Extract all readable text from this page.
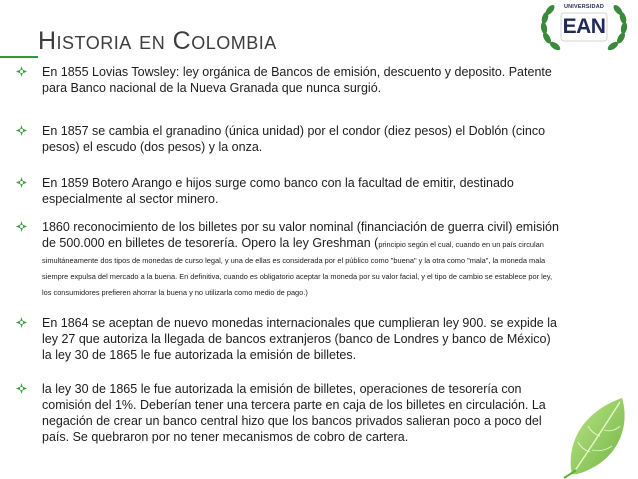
Historia en Colombia
UNIVERSIDAD
EAN
En 1855 Lovias Towsley: ley orgánica de Bancos de emisión, descuento y deposito. Patente para Banco nacional de la Nueva Granada que nunca surgió.
En 1857 se cambia el granadino (única unidad) por el condor (diez pesos) el Doblón (cinco pesos) el escudo (dos pesos) y la onza.
En 1859 Botero Arango e hijos surge como banco con la facultad de emitir, destinado especialmente al sector minero.
1860 reconocimiento de los billetes por su valor nominal (financiación de guerra civil) emisión de 500.000 en billetes de tesorería. Opero la ley Greshman (principio según el cual, cuando en un país circulan simultáneamente dos tipos de monedas de curso legal, y una de ellas es considerada por el público como "buena" y la otra como "mala", la moneda mala siempre expulsa del mercado a la buena. En definitiva, cuando es obligatorio aceptar la moneda por su valor facial, y el tipo de cambio se establece por ley, los consumidores prefieren ahorrar la buena y no utilizarla como medio de pago.)
En 1864 se aceptan de nuevo monedas internacionales que cumplieran ley 900. se expide la ley 27 que autoriza la llegada de bancos extranjeros (banco de Londres y banco de México) la ley 30 de 1865 le fue autorizada la emisión de billetes.
la ley 30 de 1865 le fue autorizada la emisión de billetes, operaciones de tesorería con comisión del 1%. Deberían tener una tercera parte en caja de los billetes en circulación. La negación de crear un banco central hizo que los bancos privados salieran poco a poco del país. Se quebraron por no tener mecanismos de cobro de cartera.
